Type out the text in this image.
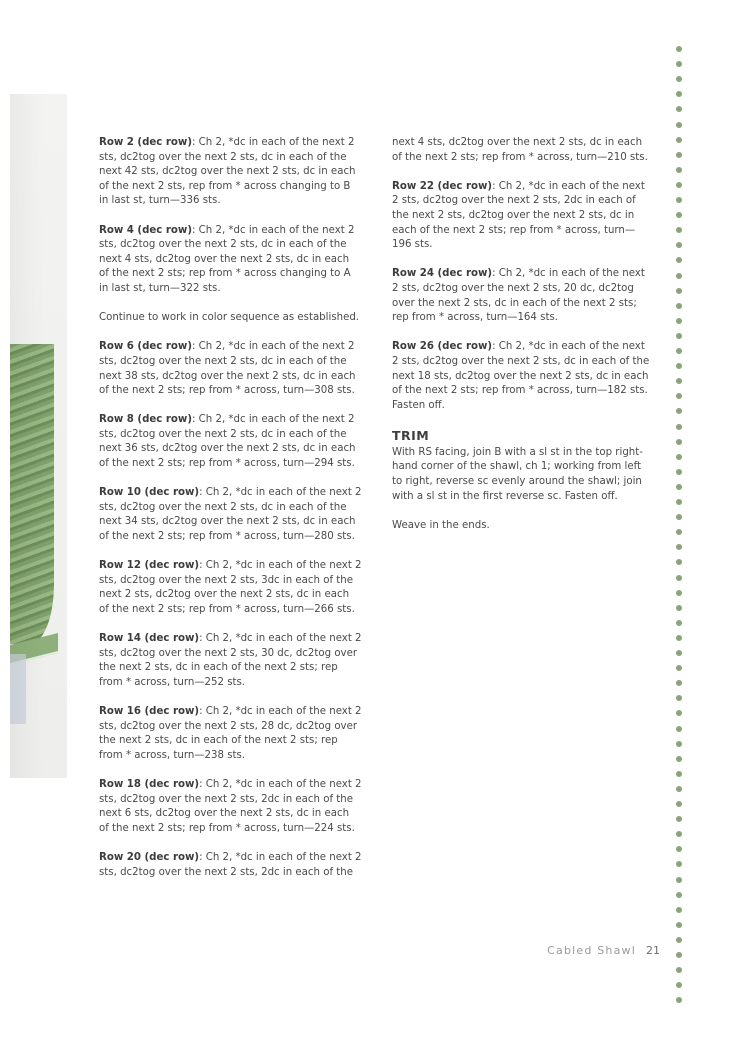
Row 2 (dec row): Ch 2, *dc in each of the next 2 sts, dc2tog over the next 2 sts, dc in each of the next 42 sts, dc2tog over the next 2 sts, dc in each of the next 2 sts, rep from * across changing to B in last st, turn—336 sts.

Row 4 (dec row): Ch 2, *dc in each of the next 2 sts, dc2tog over the next 2 sts, dc in each of the next 4 sts, dc2tog over the next 2 sts, dc in each of the next 2 sts; rep from * across changing to A in last st, turn—322 sts.

Continue to work in color sequence as established.

Row 6 (dec row): Ch 2, *dc in each of the next 2 sts, dc2tog over the next 2 sts, dc in each of the next 38 sts, dc2tog over the next 2 sts, dc in each of the next 2 sts; rep from * across, turn—308 sts.

Row 8 (dec row): Ch 2, *dc in each of the next 2 sts, dc2tog over the next 2 sts, dc in each of the next 36 sts, dc2tog over the next 2 sts, dc in each of the next 2 sts; rep from * across, turn—294 sts.

Row 10 (dec row): Ch 2, *dc in each of the next 2 sts, dc2tog over the next 2 sts, dc in each of the next 34 sts, dc2tog over the next 2 sts, dc in each of the next 2 sts; rep from * across, turn—280 sts.

Row 12 (dec row): Ch 2, *dc in each of the next 2 sts, dc2tog over the next 2 sts, 3dc in each of the next 2 sts, dc2tog over the next 2 sts, dc in each of the next 2 sts; rep from * across, turn—266 sts.

Row 14 (dec row): Ch 2, *dc in each of the next 2 sts, dc2tog over the next 2 sts, 30 dc, dc2tog over the next 2 sts, dc in each of the next 2 sts; rep from * across, turn—252 sts.

Row 16 (dec row): Ch 2, *dc in each of the next 2 sts, dc2tog over the next 2 sts, 28 dc, dc2tog over the next 2 sts, dc in each of the next 2 sts; rep from * across, turn—238 sts.

Row 18 (dec row): Ch 2, *dc in each of the next 2 sts, dc2tog over the next 2 sts, 2dc in each of the next 6 sts, dc2tog over the next 2 sts, dc in each of the next 2 sts; rep from * across, turn—224 sts.

Row 20 (dec row): Ch 2, *dc in each of the next 2 sts, dc2tog over the next 2 sts, 2dc in each of the

next 4 sts, dc2tog over the next 2 sts, dc in each of the next 2 sts; rep from * across, turn—210 sts.

Row 22 (dec row): Ch 2, *dc in each of the next 2 sts, dc2tog over the next 2 sts, 2dc in each of the next 2 sts, dc2tog over the next 2 sts, dc in each of the next 2 sts; rep from * across, turn—196 sts.

Row 24 (dec row): Ch 2, *dc in each of the next 2 sts, dc2tog over the next 2 sts, 20 dc, dc2tog over the next 2 sts, dc in each of the next 2 sts; rep from * across, turn—164 sts.

Row 26 (dec row): Ch 2, *dc in each of the next 2 sts, dc2tog over the next 2 sts, dc in each of the next 18 sts, dc2tog over the next 2 sts, dc in each of the next 2 sts; rep from * across, turn—182 sts. Fasten off.

TRIM

With RS facing, join B with a sl st in the top right-hand corner of the shawl, ch 1; working from left to right, reverse sc evenly around the shawl; join with a sl st in the first reverse sc. Fasten off.

Weave in the ends.

Cabled Shawl 21
